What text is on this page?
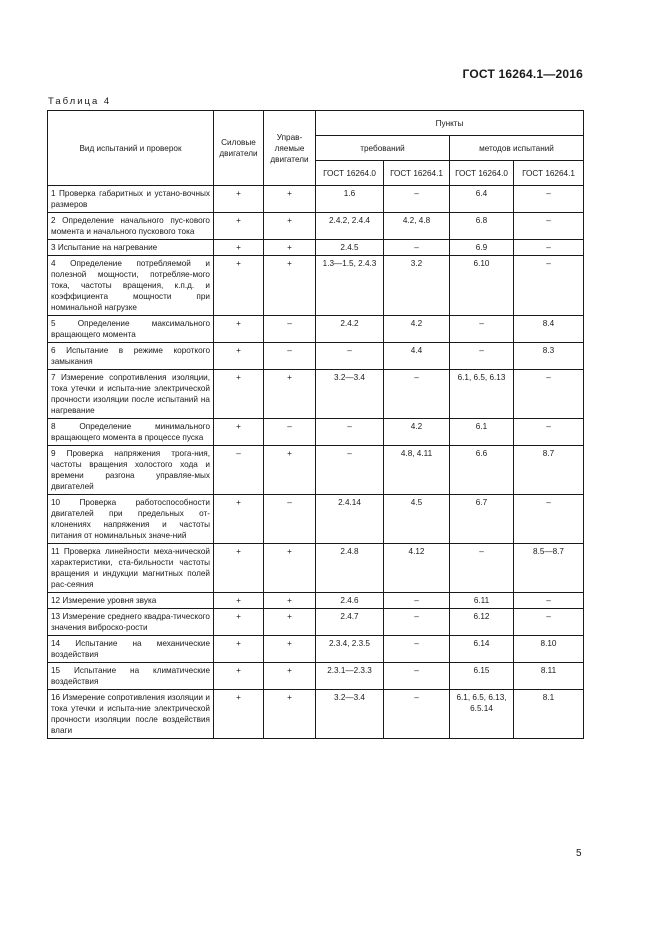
ГОСТ 16264.1—2016
Таблица 4
Вид испытаний и проверок	Силовые двигатели	Управ-ляемые двигатели	Пункты			
			требований		методов испытаний	
			ГОСТ 16264.0	ГОСТ 16264.1	ГОСТ 16264.0	ГОСТ 16264.1
1 Проверка габаритных и устано-вочных размеров	+	+	1.6	–	6.4	–
2 Определение начального пус-кового момента и начального пускового тока	+	+	2.4.2, 2.4.4	4.2, 4.8	6.8	–
3 Испытание на нагревание	+	+	2.4.5	–	6.9	–
4 Определение потребляемой и полезной мощности, потребляе-мого тока, частоты вращения, к.п.д. и коэффициента мощности при номинальной нагрузке	+	+	1.3—1.5, 2.4.3	3.2	6.10	–
5 Определение максимального вращающего момента	+	–	2.4.2	4.2	–	8.4
6 Испытание в режиме короткого замыкания	+	–	–	4.4	–	8.3
7 Измерение сопротивления изоляции, тока утечки и испыта-ние электрической прочности изоляции после испытаний на нагревание	+	+	3.2—3.4	–	6.1, 6.5, 6.13	–
8 Определение минимального вращающего момента в процессе пуска	+	–	–	4.2	6.1	–
9 Проверка напряжения трога-ния, частоты вращения холостого хода и времени разгона управляе-мых двигателей	–	+	–	4.8, 4.11	6.6	8.7
10 Проверка работоспособности двигателей при предельных от-клонениях напряжения и частоты питания от номинальных значе-ний	+	–	2.4.14	4.5	6.7	–
11 Проверка линейности меха-нической характеристики, ста-бильности частоты вращения и индукции магнитных полей рас-сеяния	+	+	2.4.8	4.12	–	8.5—8.7
12 Измерение уровня звука	+	+	2.4.6	–	6.11	–
13 Измерение среднего квадра-тического значения виброско-рости	+	+	2.4.7	–	6.12	–
14 Испытание на механические воздействия	+	+	2.3.4, 2.3.5	–	6.14	8.10
15 Испытание на климатические воздействия	+	+	2.3.1—2.3.3	–	6.15	8.11
16 Измерение сопротивления изоляции и тока утечки и испыта-ние электрической прочности изоляции после воздействия влаги	+	+	3.2—3.4	–	6.1, 6.5, 6.13, 6.5.14	8.1
5
